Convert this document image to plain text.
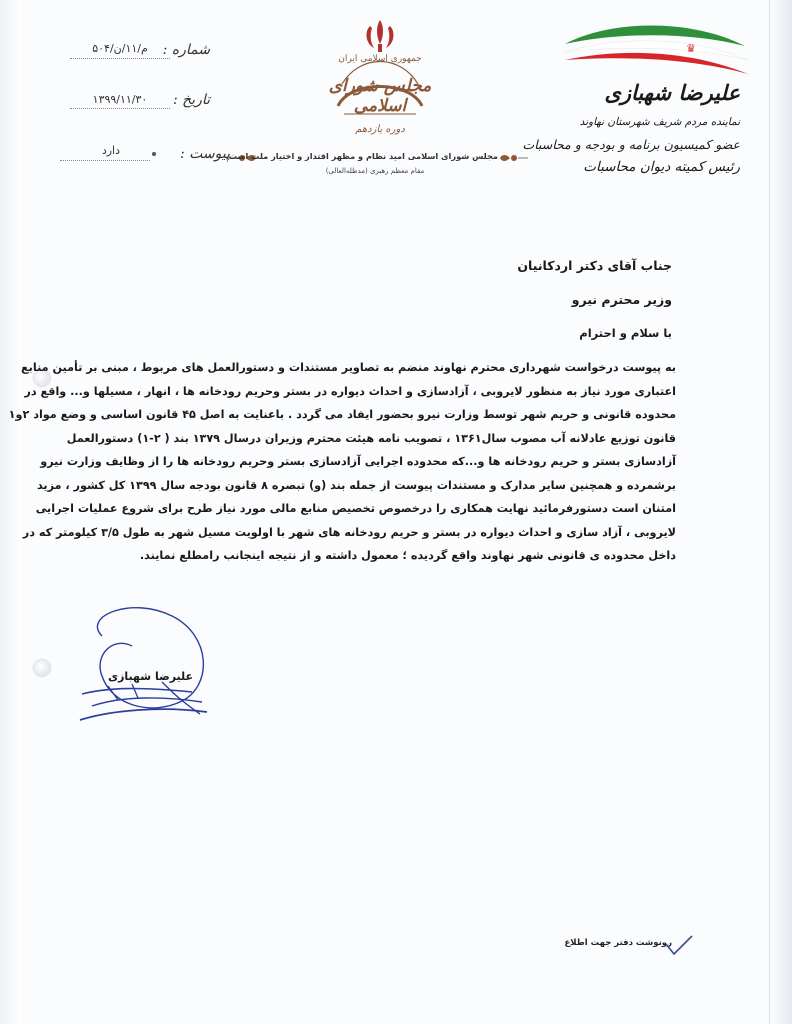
شماره :
م/۱۱/ن/۵۰۴
تاریخ :
۱۳۹۹/۱۱/۳۰
پیوست :
دارد
جمهوری اسلامی ایران
مجلس شورای اسلامی
دوره یازدهم
مجلس شورای اسلامی امید نظام و مظهر اقتدار و اختیار ملت است.
مقام معظم رهبری (مدظله‌العالی)
♛
علیرضا شهبازی
نماینده مردم شریف شهرستان نهاوند
عضو کمیسیون برنامه و بودجه و محاسبات
رئیس کمیته دیوان محاسبات
جناب آقای دکتر اردکانیان
وزیر محترم نیرو
با سلام و احترام
به پیوست درخواست شهرداری محترم نهاوند منضم به تصاویر مستندات و دستورالعمل های مربوط ، مبنی بر تأمین منابع
اعتباری مورد نیاز به منظور لایروبی ، آزادسازی و احداث دیواره در بستر وحریم رودخانه ها ، انهار ، مسیلها و... واقع در
محدوده قانونی و حریم شهر توسط وزارت نیرو بحضور ایفاد می گردد . باعنایت به اصل ۴۵ قانون اساسی و وضع مواد ۲و۱
قانون توزیع عادلانه آب مصوب سال۱۳۶۱ ، تصویب نامه هیئت محترم وزیران درسال ۱۳۷۹ بند ( ۲-۱) دستورالعمل
آزادسازی بستر و حریم رودخانه ها و...که محدوده اجرایی آزادسازی بستر وحریم رودخانه ها را از وظایف وزارت نیرو
برشمرده و همچنین سایر مدارک و مستندات پیوست از جمله بند (و) تبصره ۸ قانون بودجه سال ۱۳۹۹ کل کشور ، مزید
امتنان است دستورفرمائید نهایت همکاری را درخصوص تخصیص منابع مالی مورد نیاز طرح برای شروع عملیات اجرایی
لایروبی ، آزاد سازی و احداث دیواره در بستر و حریم رودخانه های شهر با اولویت مسیل شهر به طول ۳/۵ کیلومتر که در
داخل محدوده ی قانونی شهر نهاوند واقع گردیده ؛ معمول داشته و از نتیجه اینجانب رامطلع نمایند.
علیرضا شهبازی
رونوشت دفتر جهت اطلاع
